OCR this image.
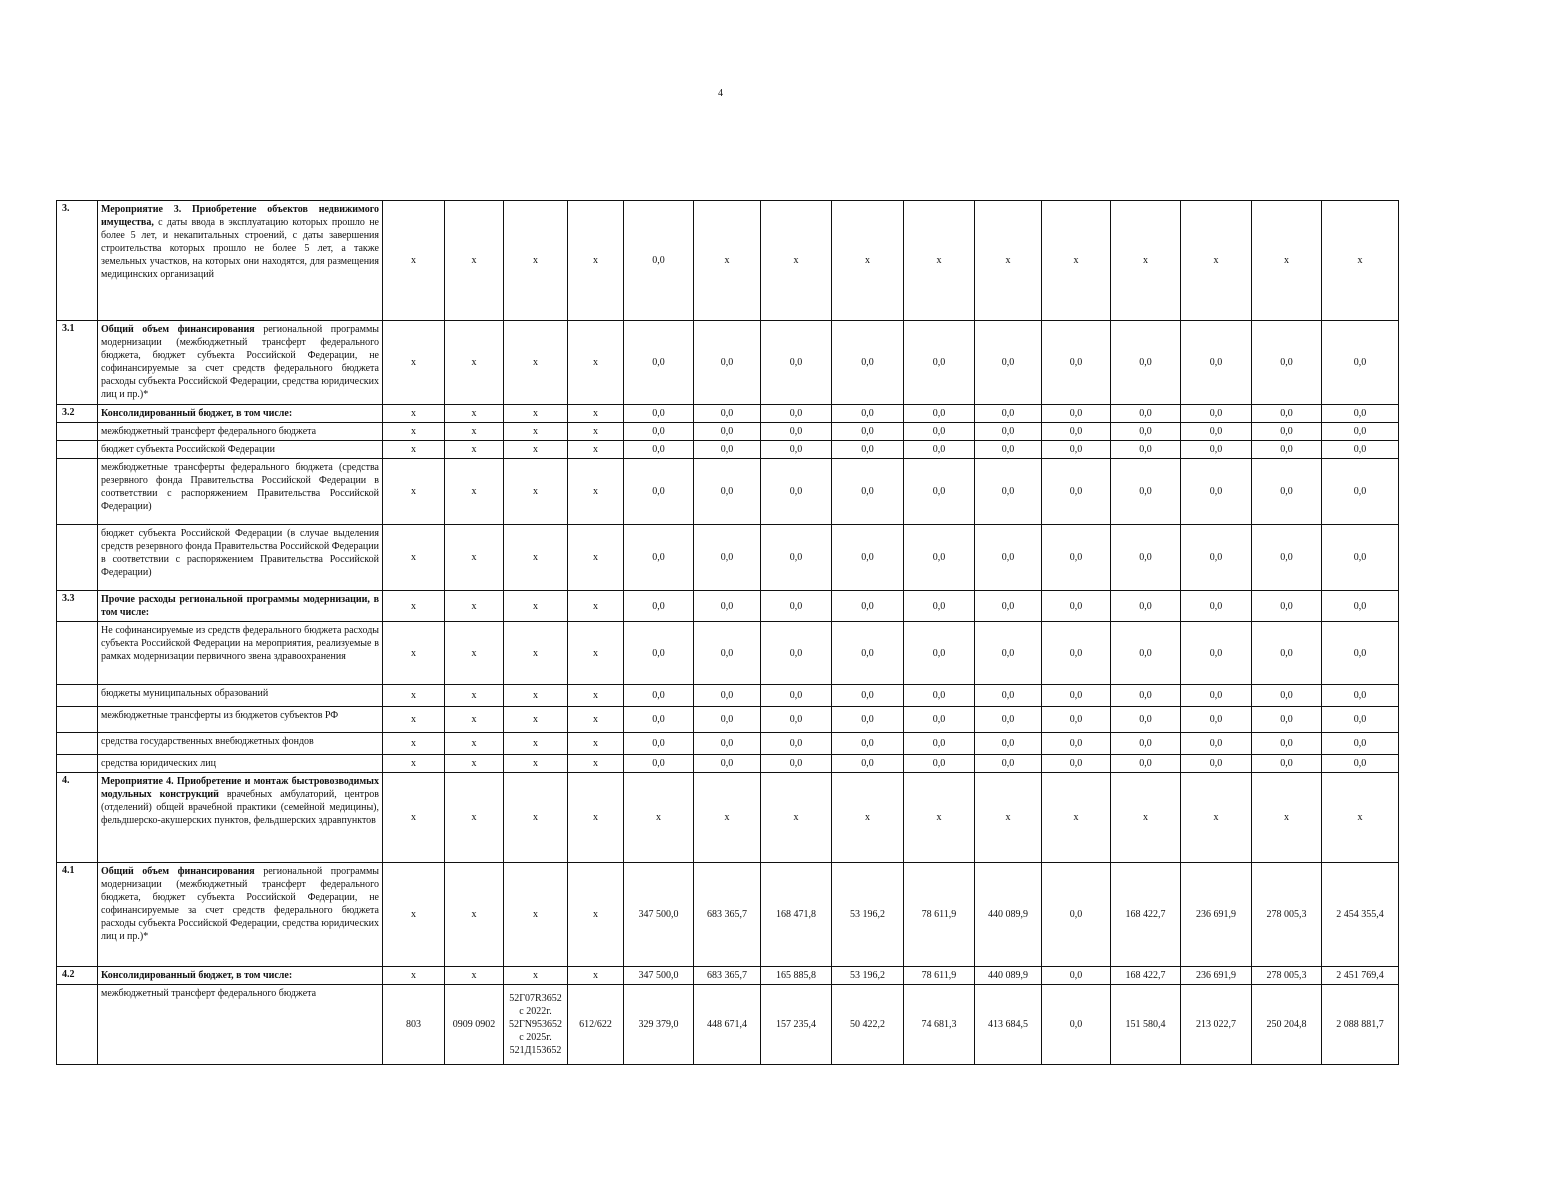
4
3.	Мероприятие 3. Приобретение объектов недвижимого имущества, с даты ввода в эксплуатацию которых прошло не более 5 лет, и некапитальных строений, с даты завершения строительства которых прошло не более 5 лет, а также земельных участков, на которых они находятся, для размещения медицинских организаций	х	х	х	х	0,0	х	х	х	х	х	х	х	х	х	х
3.1	Общий объем финансирования региональной программы модернизации (межбюджетный трансферт федерального бюджета, бюджет субъекта Российской Федерации, не софинансируемые за счет средств федерального бюджета расходы субъекта Российской Федерации, средства юридических лиц и пр.)*	х	х	х	х	0,0	0,0	0,0	0,0	0,0	0,0	0,0	0,0	0,0	0,0	0,0
3.2	Консолидированный бюджет, в том числе:	х	х	х	х	0,0	0,0	0,0	0,0	0,0	0,0	0,0	0,0	0,0	0,0	0,0
	межбюджетный трансферт федерального бюджета	х	х	х	х	0,0	0,0	0,0	0,0	0,0	0,0	0,0	0,0	0,0	0,0	0,0
	бюджет субъекта Российской Федерации	х	х	х	х	0,0	0,0	0,0	0,0	0,0	0,0	0,0	0,0	0,0	0,0	0,0
	межбюджетные трансферты федерального бюджета (средства резервного фонда Правительства Российской Федерации в соответствии с распоряжением Правительства Российской Федерации)	х	х	х	х	0,0	0,0	0,0	0,0	0,0	0,0	0,0	0,0	0,0	0,0	0,0
	бюджет субъекта Российской Федерации (в случае выделения средств резервного фонда Правительства Российской Федерации в соответствии с распоряжением Правительства Российской Федерации)	х	х	х	х	0,0	0,0	0,0	0,0	0,0	0,0	0,0	0,0	0,0	0,0	0,0
3.3	Прочие расходы региональной программы модернизации, в том числе:	х	х	х	х	0,0	0,0	0,0	0,0	0,0	0,0	0,0	0,0	0,0	0,0	0,0
	Не софинансируемые из средств федерального бюджета расходы субъекта Российской Федерации на мероприятия, реализуемые в рамках модернизации первичного звена здравоохранения	х	х	х	х	0,0	0,0	0,0	0,0	0,0	0,0	0,0	0,0	0,0	0,0	0,0
	бюджеты муниципальных образований	х	х	х	х	0,0	0,0	0,0	0,0	0,0	0,0	0,0	0,0	0,0	0,0	0,0
	межбюджетные трансферты из бюджетов субъектов РФ	х	х	х	х	0,0	0,0	0,0	0,0	0,0	0,0	0,0	0,0	0,0	0,0	0,0
	средства государственных внебюджетных фондов	х	х	х	х	0,0	0,0	0,0	0,0	0,0	0,0	0,0	0,0	0,0	0,0	0,0
	средства юридических лиц	х	х	х	х	0,0	0,0	0,0	0,0	0,0	0,0	0,0	0,0	0,0	0,0	0,0
4.	Мероприятие 4. Приобретение и монтаж быстровозводимых модульных конструкций врачебных амбулаторий, центров (отделений) общей врачебной практики (семейной медицины), фельдшерско-акушерских пунктов, фельдшерских здравпунктов	х	х	х	х	х	х	х	х	х	х	х	х	х	х	х
4.1	Общий объем финансирования региональной программы модернизации (межбюджетный трансферт федерального бюджета, бюджет субъекта Российской Федерации, не софинансируемые за счет средств федерального бюджета расходы субъекта Российской Федерации, средства юридических лиц и пр.)*	х	х	х	х	347 500,0	683 365,7	168 471,8	53 196,2	78 611,9	440 089,9	0,0	168 422,7	236 691,9	278 005,3	2 454 355,4
4.2	Консолидированный бюджет, в том числе:	х	х	х	х	347 500,0	683 365,7	165 885,8	53 196,2	78 611,9	440 089,9	0,0	168 422,7	236 691,9	278 005,3	2 451 769,4
	межбюджетный трансферт федерального бюджета	803	0909 0902	52Г07R3652 с 2022г. 52ГN953652 с 2025г. 521Д153652	612/622	329 379,0	448 671,4	157 235,4	50 422,2	74 681,3	413 684,5	0,0	151 580,4	213 022,7	250 204,8	2 088 881,7
